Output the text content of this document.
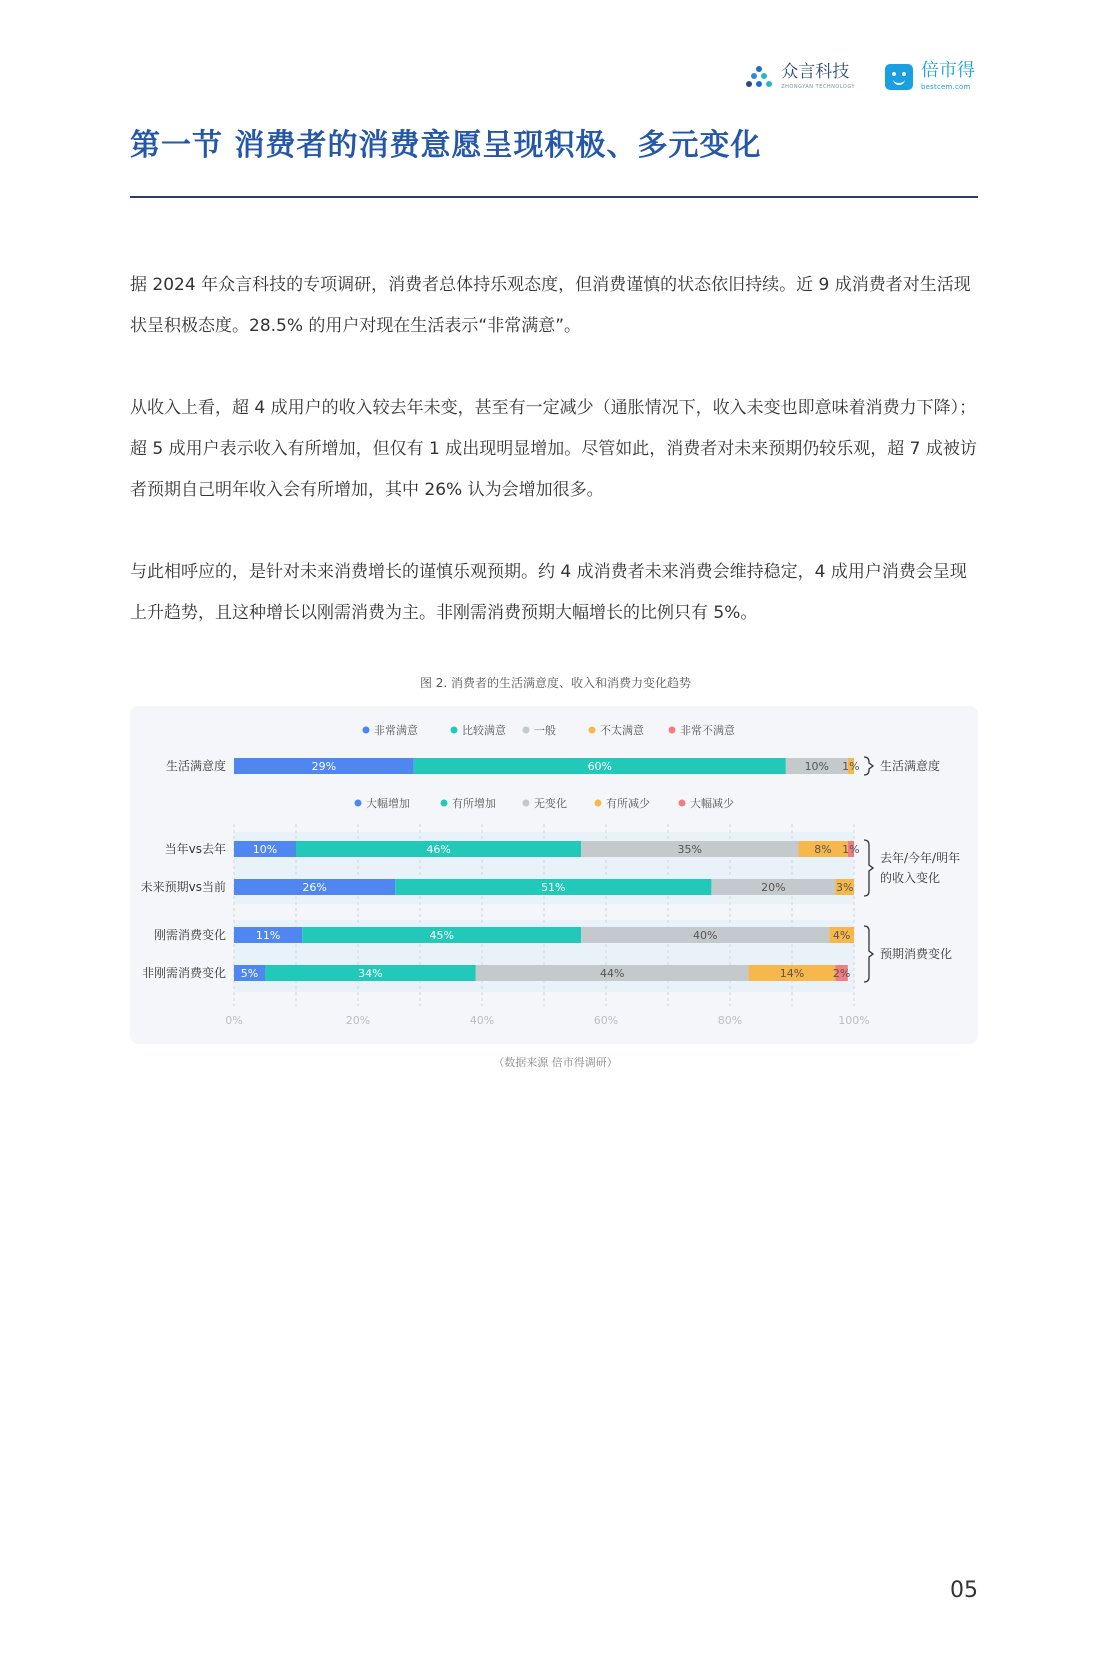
众言科技
ZHONGYAN TECHNOLOGY
倍市得
bestcem.com
第一节 消费者的消费意愿呈现积极、多元变化

据 2024 年众言科技的专项调研，消费者总体持乐观态度，但消费谨慎的状态依旧持续。近 9 成消费者对生活现状呈积极态度。28.5% 的用户对现在生活表示“非常满意”。

从收入上看，超 4 成用户的收入较去年未变，甚至有一定减少（通胀情况下，收入未变也即意味着消费力下降）；超 5 成用户表示收入有所增加，但仅有 1 成出现明显增加。尽管如此，消费者对未来预期仍较乐观，超 7 成被访者预期自己明年收入会有所增加，其中 26% 认为会增加很多。

与此相呼应的，是针对未来消费增长的谨慎乐观预期。约 4 成消费者未来消费会维持稳定，4 成用户消费会呈现上升趋势，且这种增长以刚需消费为主。非刚需消费预期大幅增长的比例只有 5%。

图 2. 消费者的生活满意度、收入和消费力变化趋势
非常满意	比较满意	一般	不太满意	非常不满意
大幅增加	有所增加	无变化	有所减少	大幅减少
生活满意度	29%	60%	10% 1%
当年vs去年 10%	46%	35%	8% 1%
未来预期vs当前	26%	51%	20%	3%
刚需消费变化	11%	45%	40%	4%
非刚需消费变化 5%	34%	44%	14%	2%
生活满意度
去年/今年/明年
的收入变化
预期消费变化
0%	20%	40%	60%	80%	100%
（数据来源 倍市得调研）
05
